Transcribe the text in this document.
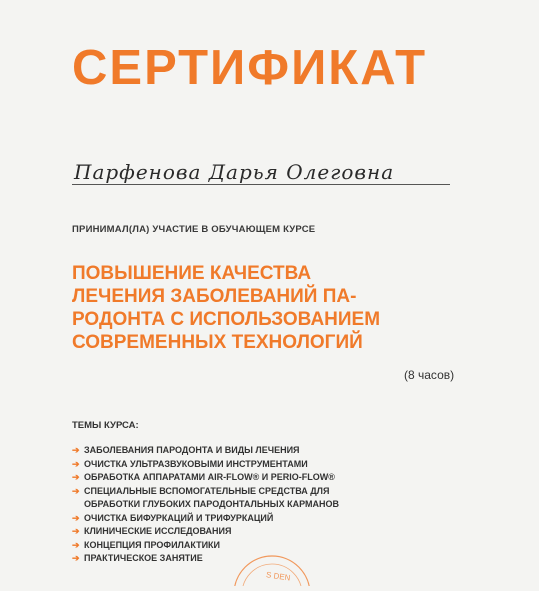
СЕРТИФИКАТ
Парфенова Дарья Олеговна
ПРИНИМАЛ(ЛА) УЧАСТИЕ В ОБУЧАЮЩЕМ КУРСЕ
ПОВЫШЕНИЕ КАЧЕСТВА
ЛЕЧЕНИЯ ЗАБОЛЕВАНИЙ ПА-
РОДОНТА С ИСПОЛЬЗОВАНИЕМ
СОВРЕМЕННЫХ ТЕХНОЛОГИЙ
(8 часов)
ТЕМЫ КУРСА:
➔ ЗАБОЛЕВАНИЯ ПАРОДОНТА И ВИДЫ ЛЕЧЕНИЯ
➔ ОЧИСТКА УЛЬТРАЗВУКОВЫМИ ИНСТРУМЕНТАМИ
➔ ОБРАБОТКА АППАРАТАМИ AIR-FLOW® И PERIO-FLOW®
➔ СПЕЦИАЛЬНЫЕ ВСПОМОГАТЕЛЬНЫЕ СРЕДСТВА ДЛЯ
ОБРАБОТКИ ГЛУБОКИХ ПАРОДОНТАЛЬНЫХ КАРМАНОВ
➔ ОЧИСТКА БИФУРКАЦИЙ И ТРИФУРКАЦИЙ
➔ КЛИНИЧЕСКИЕ ИССЛЕДОВАНИЯ
➔ КОНЦЕПЦИЯ ПРОФИЛАКТИКИ
➔ ПРАКТИЧЕСКОЕ ЗАНЯТИЕ
S DEN
